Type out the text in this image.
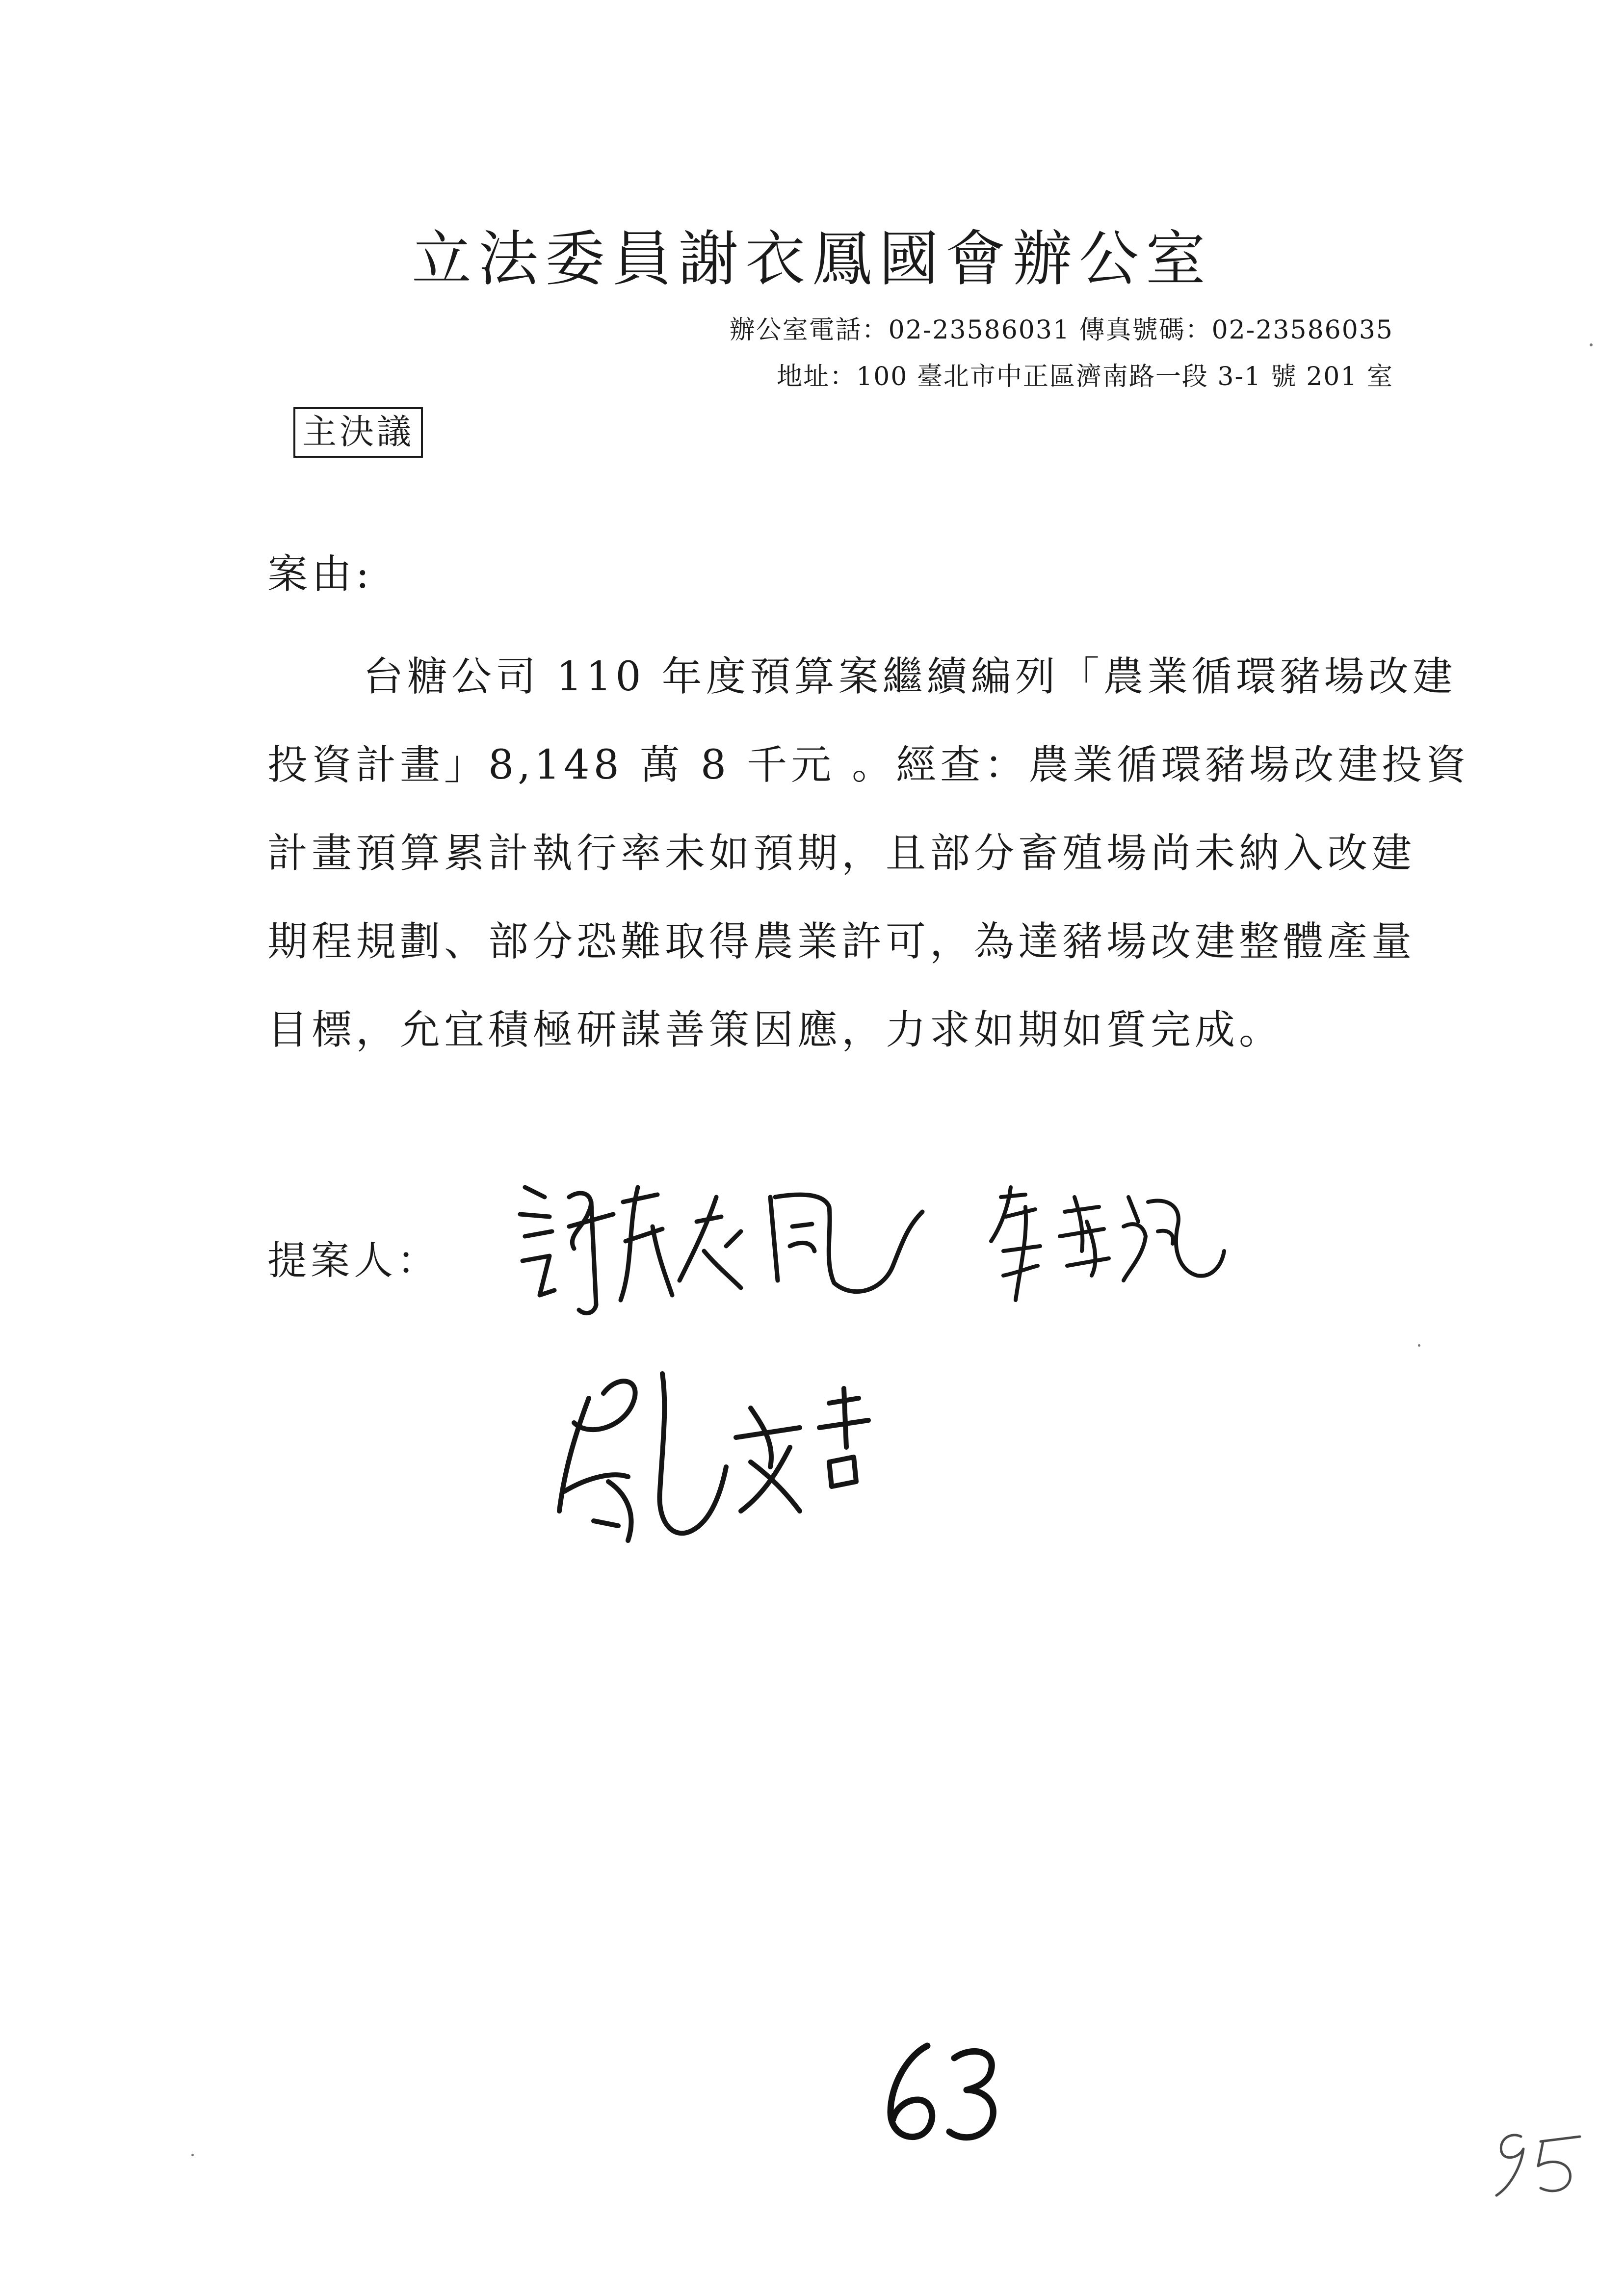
立法委員謝衣鳳國會辦公室
辦公室電話：02-23586031 傳真號碼：02-23586035
地址：100 臺北市中正區濟南路一段 3-1 號 201 室
主決議
案由:
台糖公司 110 年度預算案繼續編列「農業循環豬場改建
投資計畫」8,148 萬 8 千元 。經查：農業循環豬場改建投資
計畫預算累計執行率未如預期，且部分畜殖場尚未納入改建
期程規劃、部分恐難取得農業許可，為達豬場改建整體產量
目標，允宜積極研謀善策因應，力求如期如質完成。
提案人：
